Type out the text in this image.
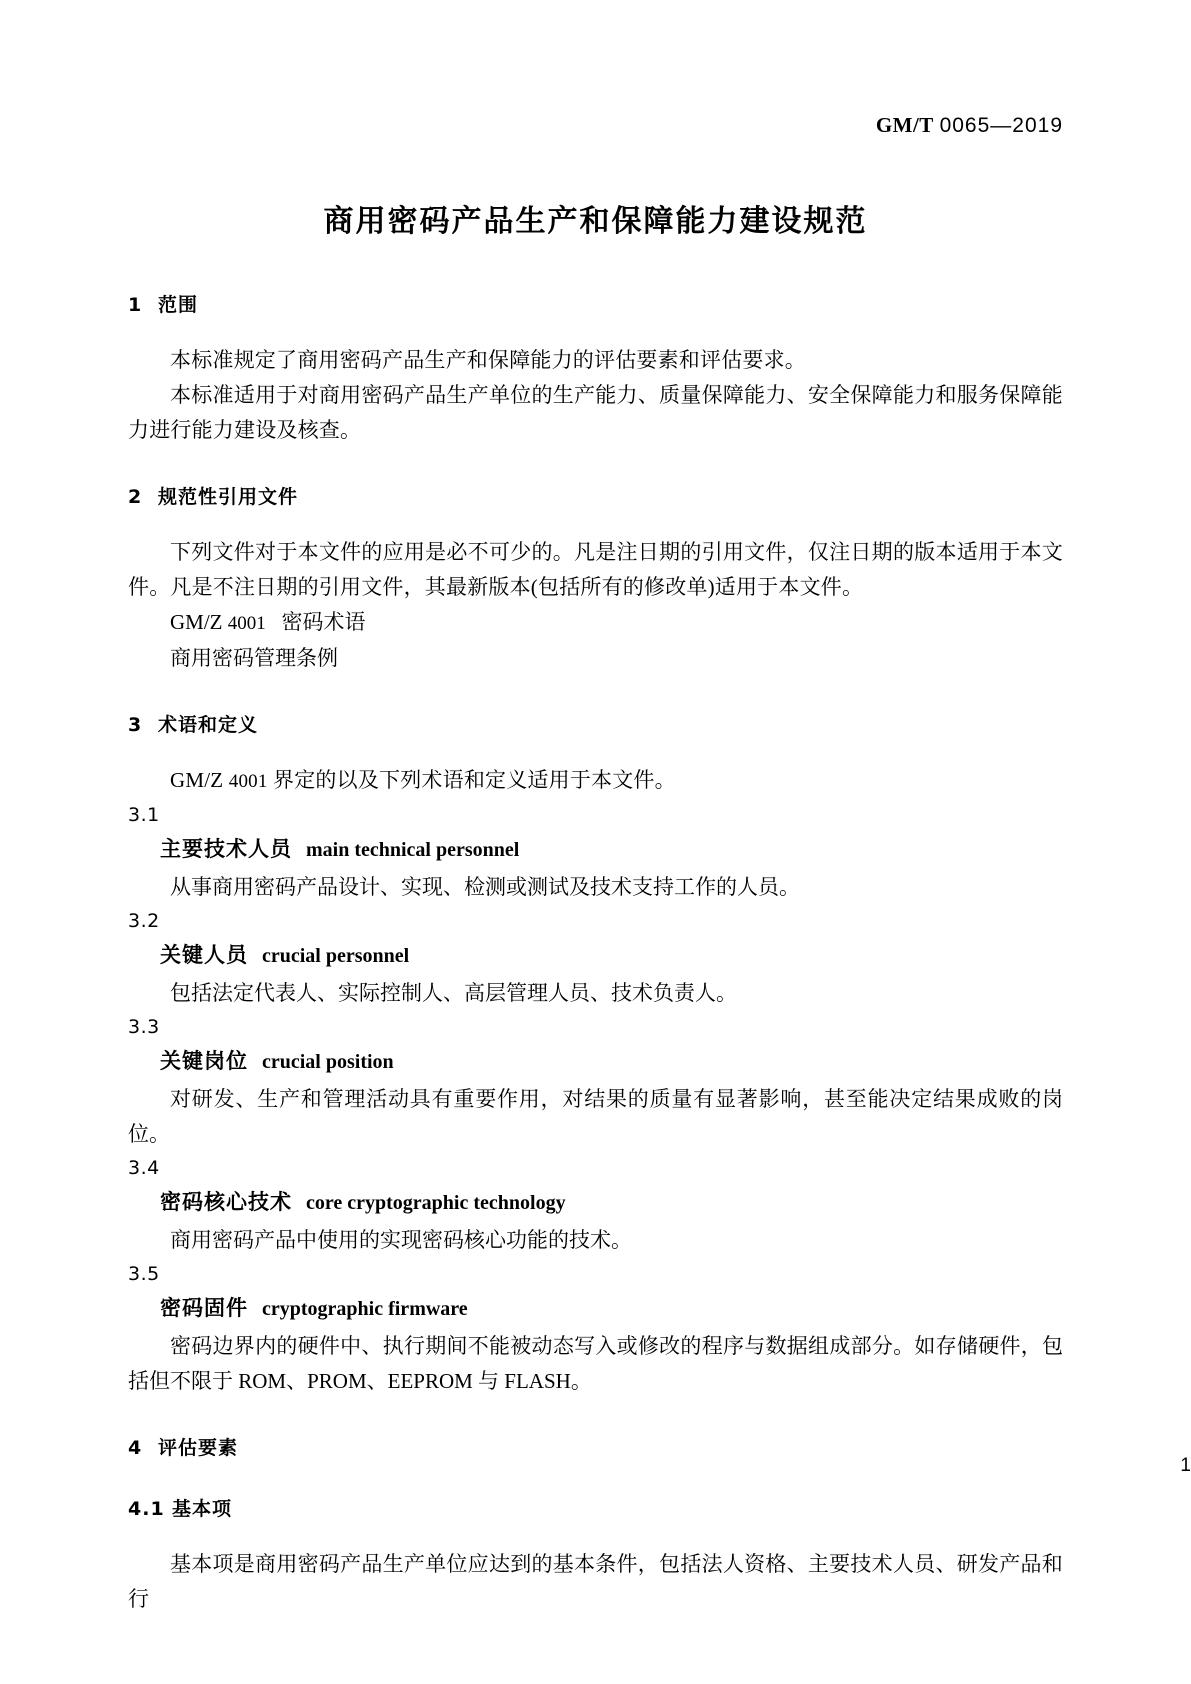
GM/T 0065—2019
商用密码产品生产和保障能力建设规范
1 范围

本标准规定了商用密码产品生产和保障能力的评估要素和评估要求。

本标准适用于对商用密码产品生产单位的生产能力、质量保障能力、安全保障能力和服务保障能力进行能力建设及核查。

2 规范性引用文件

下列文件对于本文件的应用是必不可少的。凡是注日期的引用文件，仅注日期的版本适用于本文件。凡是不注日期的引用文件，其最新版本(包括所有的修改单)适用于本文件。

GM/Z 4001 密码术语
商用密码管理条例
3 术语和定义

GM/Z 4001 界定的以及下列术语和定义适用于本文件。

3.1

主要技术人员 main technical personnel

从事商用密码产品设计、实现、检测或测试及技术支持工作的人员。

3.2

关键人员 crucial personnel

包括法定代表人、实际控制人、高层管理人员、技术负责人。

3.3

关键岗位 crucial position

对研发、生产和管理活动具有重要作用，对结果的质量有显著影响，甚至能决定结果成败的岗位。

3.4

密码核心技术 core cryptographic technology

商用密码产品中使用的实现密码核心功能的技术。

3.5

密码固件 cryptographic firmware

密码边界内的硬件中、执行期间不能被动态写入或修改的程序与数据组成部分。如存储硬件，包括但不限于 ROM、PROM、EEPROM 与 FLASH。

4 评估要素
4.1 基本项

基本项是商用密码产品生产单位应达到的基本条件，包括法人资格、主要技术人员、研发产品和行

1
